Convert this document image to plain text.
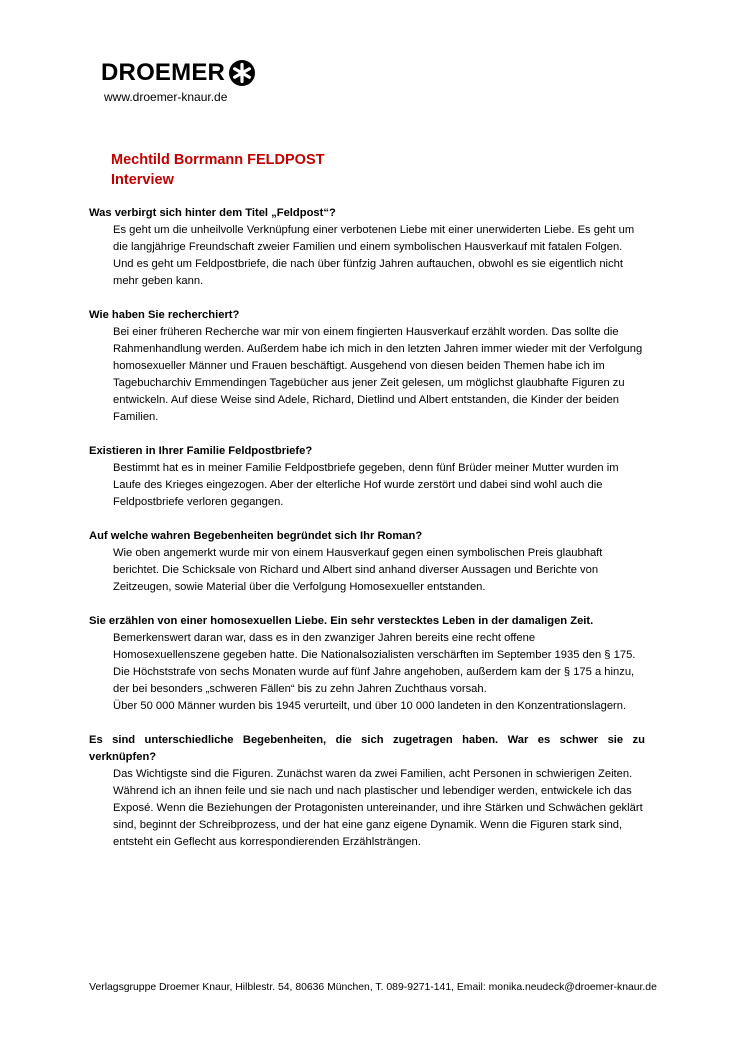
DROEMER
www.droemer-knaur.de
Mechtild Borrmann FELDPOST
Interview

Was verbirgt sich hinter dem Titel „Feldpost“?

Es geht um die unheilvolle Verknüpfung einer verbotenen Liebe mit einer unerwiderten Liebe. Es geht um die langjährige Freundschaft zweier Familien und einem symbolischen Hausverkauf mit fatalen Folgen. Und es geht um Feldpostbriefe, die nach über fünfzig Jahren auftauchen, obwohl es sie eigentlich nicht mehr geben kann.

Wie haben Sie recherchiert?

Bei einer früheren Recherche war mir von einem fingierten Hausverkauf erzählt worden. Das sollte die Rahmenhandlung werden. Außerdem habe ich mich in den letzten Jahren immer wieder mit der Verfolgung homosexueller Männer und Frauen beschäftigt. Ausgehend von diesen beiden Themen habe ich im Tagebucharchiv Emmendingen Tagebücher aus jener Zeit gelesen, um möglichst glaubhafte Figuren zu entwickeln. Auf diese Weise sind Adele, Richard, Dietlind und Albert entstanden, die Kinder der beiden Familien.

Existieren in Ihrer Familie Feldpostbriefe?

Bestimmt hat es in meiner Familie Feldpostbriefe gegeben, denn fünf Brüder meiner Mutter wurden im Laufe des Krieges eingezogen. Aber der elterliche Hof wurde zerstört und dabei sind wohl auch die Feldpostbriefe verloren gegangen.

Auf welche wahren Begebenheiten begründet sich Ihr Roman?

Wie oben angemerkt wurde mir von einem Hausverkauf gegen einen symbolischen Preis glaubhaft berichtet. Die Schicksale von Richard und Albert sind anhand diverser Aussagen und Berichte von Zeitzeugen, sowie Material über die Verfolgung Homosexueller entstanden.

Sie erzählen von einer homosexuellen Liebe. Ein sehr verstecktes Leben in der damaligen Zeit.

Bemerkenswert daran war, dass es in den zwanziger Jahren bereits eine recht offene Homosexuellenszene gegeben hatte. Die Nationalsozialisten verschärften im September 1935 den § 175. Die Höchststrafe von sechs Monaten wurde auf fünf Jahre angehoben, außerdem kam der § 175 a hinzu, der bei besonders „schweren Fällen“ bis zu zehn Jahren Zuchthaus vorsah.
Über 50 000 Männer wurden bis 1945 verurteilt, und über 10 000 landeten in den Konzentrationslagern.

Es sind unterschiedliche Begebenheiten, die sich zugetragen haben. War es schwer sie zu
verknüpfen?

Das Wichtigste sind die Figuren. Zunächst waren da zwei Familien, acht Personen in schwierigen Zeiten. Während ich an ihnen feile und sie nach und nach plastischer und lebendiger werden, entwickele ich das Exposé. Wenn die Beziehungen der Protagonisten untereinander, und ihre Stärken und Schwächen geklärt sind, beginnt der Schreibprozess, und der hat eine ganz eigene Dynamik. Wenn die Figuren stark sind, entsteht ein Geflecht aus korrespondierenden Erzählsträngen.
Verlagsgruppe Droemer Knaur, Hilblestr. 54, 80636 München, T. 089-9271-141, Email: monika.neudeck@droemer-knaur.de
